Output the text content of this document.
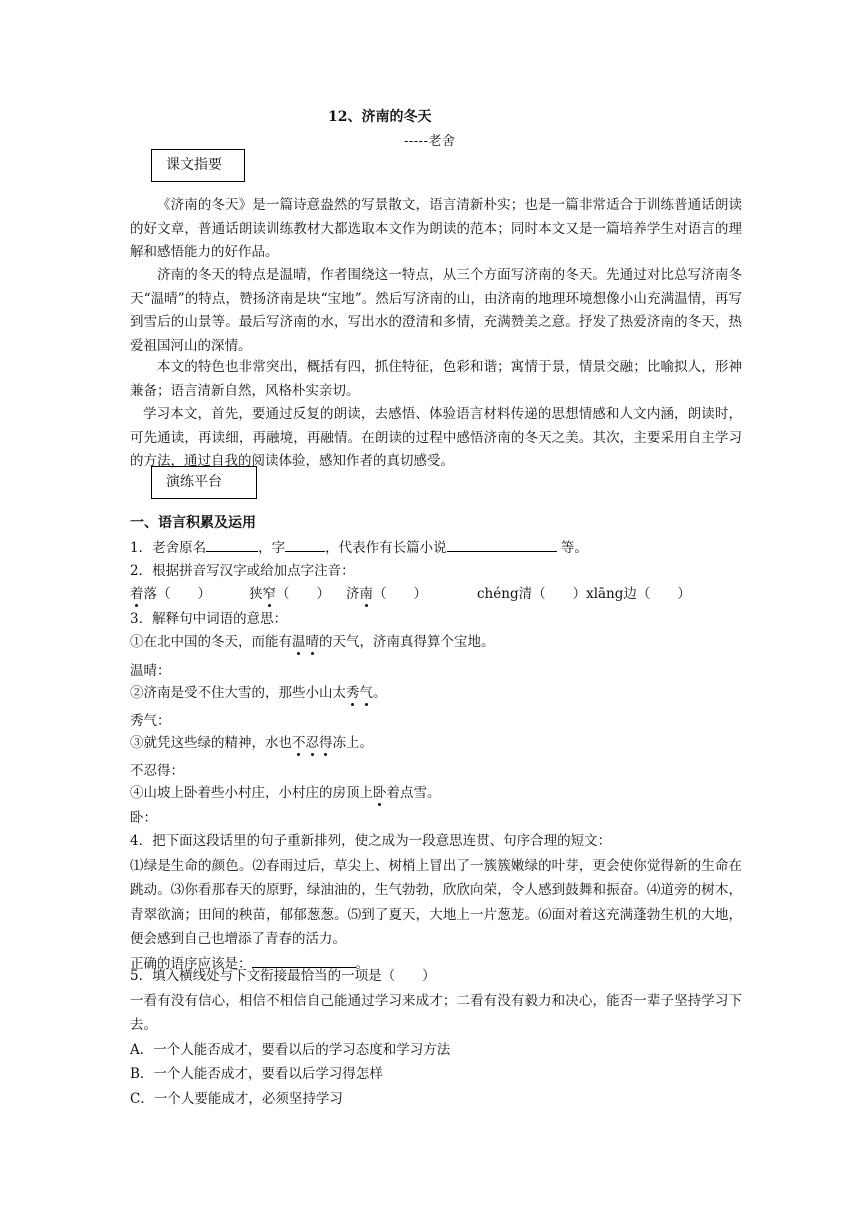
12、济南的冬天
-----老舍
课文指要
《济南的冬天》是一篇诗意盎然的写景散文，语言清新朴实；也是一篇非常适合于训练普通话朗读的好文章，普通话朗读训练教材大都选取本文作为朗读的范本；同时本文又是一篇培养学生对语言的理解和感悟能力的好作品。
济南的冬天的特点是温晴，作者围绕这一特点，从三个方面写济南的冬天。先通过对比总写济南冬天“温晴”的特点，赞扬济南是块“宝地”。然后写济南的山，由济南的地理环境想像小山充满温情，再写到雪后的山景等。最后写济南的水，写出水的澄清和多情，充满赞美之意。抒发了热爱济南的冬天，热爱祖国河山的深情。
本文的特色也非常突出，概括有四，抓住特征，色彩和谐；寓情于景，情景交融；比喻拟人，形神兼备；语言清新自然，风格朴实亲切。
学习本文，首先，要通过反复的朗读，去感悟、体验语言材料传递的思想情感和人文内涵，朗读时，可先通读，再读细，再融境，再融情。在朗读的过程中感悟济南的冬天之美。其次，主要采用自主学习的方法，通过自我的阅读体验，感知作者的真切感受。
演练平台
一、语言积累及运用
1．老舍原名	，字	，代表作有长篇小说	等。
2．根据拼音写汉字或给加点字注音：
着落（　　）	狭窄（　　） 济南（　　）	chéng清（　　）xlāng边（　　）
3．解释句中词语的意思：
①在北中国的冬天，而能有温晴的天气，济南真得算个宝地。
温晴：
②济南是受不住大雪的，那些小山太秀气。
秀气：
③就凭这些绿的精神，水也不忍得冻上。
不忍得：
④山坡上卧着些小村庄，小村庄的房顶上卧着点雪。
卧：
4．把下面这段话里的句子重新排列，使之成为一段意思连贯、句序合理的短文：
⑴绿是生命的颜色。⑵春雨过后，草尖上、树梢上冒出了一簇簇嫩绿的叶芽，更会使你觉得新的生命在跳动。⑶你看那春天的原野，绿油油的，生气勃勃，欣欣向荣，令人感到鼓舞和振奋。⑷道旁的树木，青翠欲滴；田间的秧苗，郁郁葱葱。⑸到了夏天，大地上一片葱茏。⑹面对着这充满蓬勃生机的大地，便会感到自己也增添了青春的活力。
正确的语序应该是：	。
5．填入横线处与下文衔接最恰当的一项是（　　）
一看有没有信心，相信不相信自己能通过学习来成才；二看有没有毅力和决心，能否一辈子坚持学习下去。
A．一个人能否成才，要看以后的学习态度和学习方法
B．一个人能否成才，要看以后学习得怎样
C．一个人要能成才，必须坚持学习
